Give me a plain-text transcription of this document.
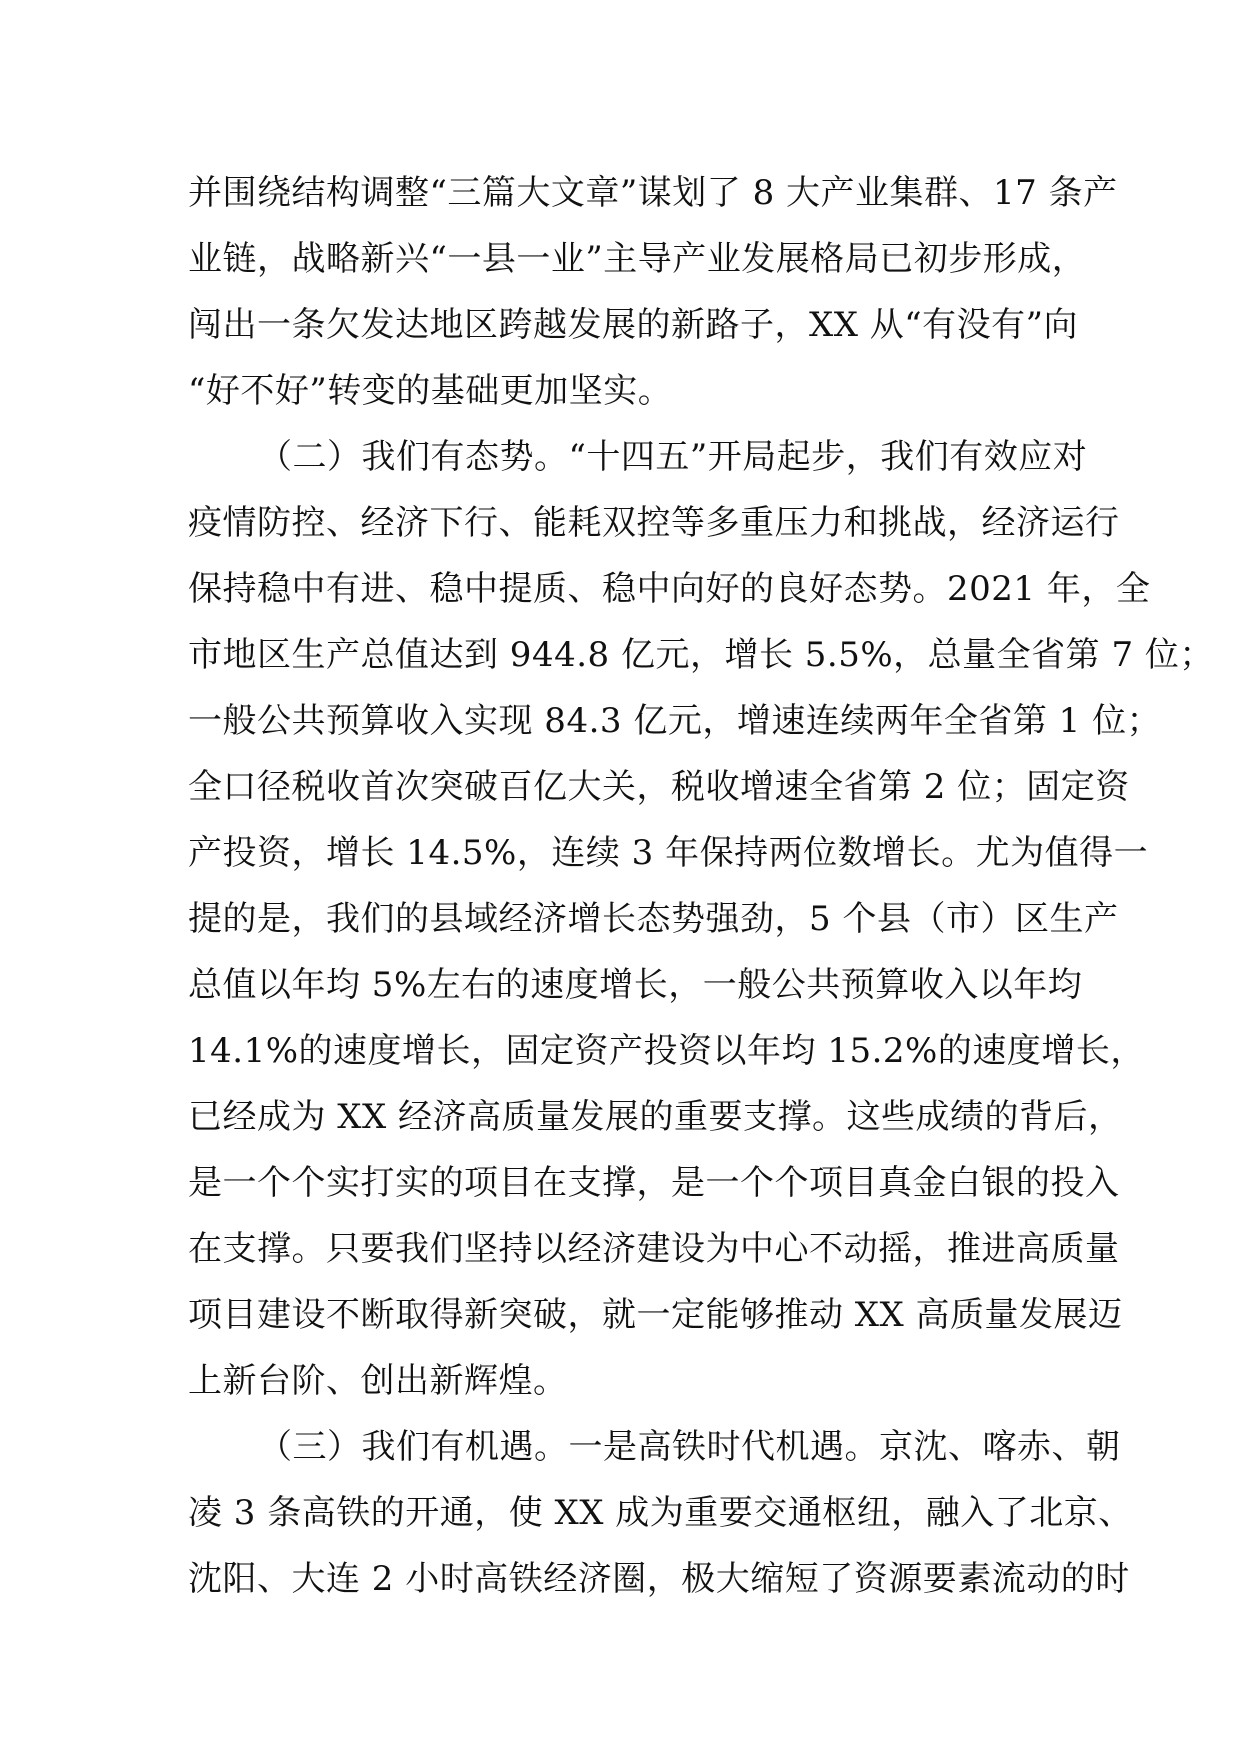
并围绕结构调整“三篇大文章”谋划了 8 大产业集群、17 条产
业链，战略新兴“一县一业”主导产业发展格局已初步形成，
闯出一条欠发达地区跨越发展的新路子，XX 从“有没有”向
“好不好”转变的基础更加坚实。
（二）我们有态势。“十四五”开局起步，我们有效应对
疫情防控、经济下行、能耗双控等多重压力和挑战，经济运行
保持稳中有进、稳中提质、稳中向好的良好态势。2021 年，全
市地区生产总值达到 944.8 亿元，增长 5.5%，总量全省第 7 位；
一般公共预算收入实现 84.3 亿元，增速连续两年全省第 1 位；
全口径税收首次突破百亿大关，税收增速全省第 2 位；固定资
产投资，增长 14.5%，连续 3 年保持两位数增长。尤为值得一
提的是，我们的县域经济增长态势强劲，5 个县（市）区生产
总值以年均 5%左右的速度增长，一般公共预算收入以年均
14.1%的速度增长，固定资产投资以年均 15.2%的速度增长，
已经成为 XX 经济高质量发展的重要支撑。这些成绩的背后，
是一个个实打实的项目在支撑，是一个个项目真金白银的投入
在支撑。只要我们坚持以经济建设为中心不动摇，推进高质量
项目建设不断取得新突破，就一定能够推动 XX 高质量发展迈
上新台阶、创出新辉煌。
（三）我们有机遇。一是高铁时代机遇。京沈、喀赤、朝
凌 3 条高铁的开通，使 XX 成为重要交通枢纽，融入了北京、
沈阳、大连 2 小时高铁经济圈，极大缩短了资源要素流动的时
